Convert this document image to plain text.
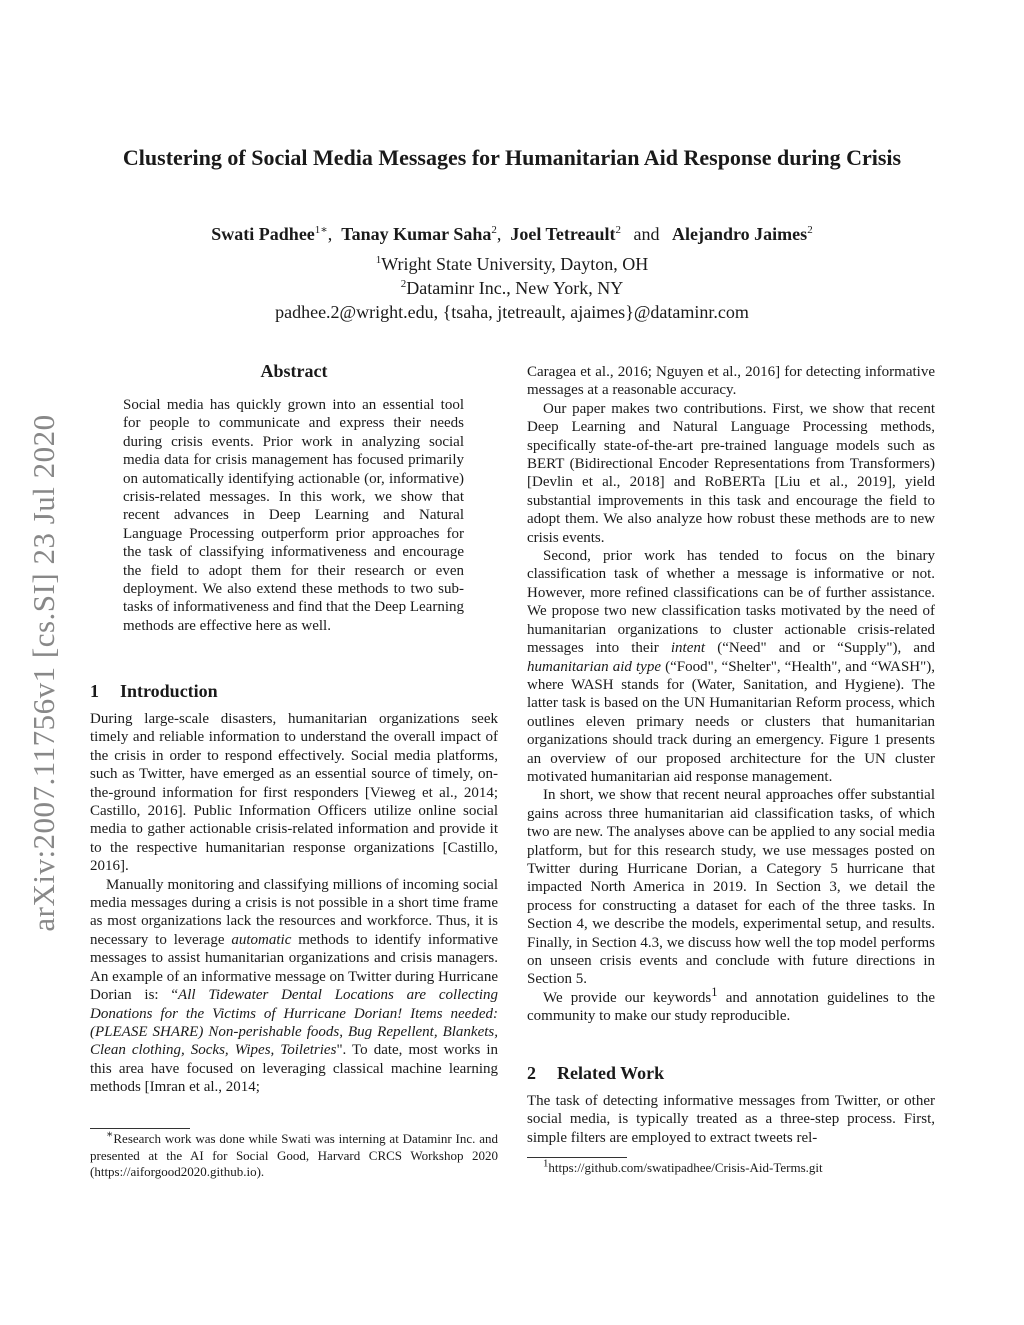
Clustering of Social Media Messages for Humanitarian Aid Response during Crisis
Swati Padhee$^{1∗}$,  Tanay Kumar Saha$^2$,  Joel Tetreault$^2$ and Alejandro Jaimes$^2$
$^1$Wright State University, Dayton, OH
$^2$Dataminr Inc., New York, NY
padhee.2@wright.edu, {tsaha, jtetreault, ajaimes}@dataminr.com
arXiv:2007.11756v1 [cs.SI] 23 Jul 2020
Abstract

Social media has quickly grown into an essential tool for people to communicate and express their needs during crisis events. Prior work in analyzing social media data for crisis management has focused primarily on automatically identifying actionable (or, informative) crisis-related messages. In this work, we show that recent advances in Deep Learning and Natural Language Processing outperform prior approaches for the task of classifying informativeness and encourage the field to adopt them for their research or even deployment. We also extend these methods to two sub-tasks of informativeness and find that the Deep Learning methods are effective here as well.

1 Introduction

During large-scale disasters, humanitarian organizations seek timely and reliable information to understand the overall impact of the crisis in order to respond effectively. Social media platforms, such as Twitter, have emerged as an essential source of timely, on-the-ground information for first responders [Vieweg et al., 2014; Castillo, 2016]. Public Information Officers utilize online social media to gather actionable crisis-related information and provide it to the respective humanitarian response organizations [Castillo, 2016].

Manually monitoring and classifying millions of incoming social media messages during a crisis is not possible in a short time frame as most organizations lack the resources and workforce. Thus, it is necessary to leverage automatic methods to identify informative messages to assist humanitarian organizations and crisis managers. An example of an informative message on Twitter during Hurricane Dorian is: “All Tidewater Dental Locations are collecting Donations for the Victims of Hurricane Dorian! Items needed: (PLEASE SHARE) Non-perishable foods, Bug Repellent, Blankets, Clean clothing, Socks, Wipes, Toiletries". To date, most works in this area have focused on leveraging classical machine learning methods [Imran et al., 2014;

∗Research work was done while Swati was interning at Dataminr Inc. and presented at the AI for Social Good, Harvard CRCS Workshop 2020 (https://aiforgood2020.github.io).

Caragea et al., 2016; Nguyen et al., 2016] for detecting informative messages at a reasonable accuracy.

Our paper makes two contributions. First, we show that recent Deep Learning and Natural Language Processing methods, specifically state-of-the-art pre-trained language models such as BERT (Bidirectional Encoder Representations from Transformers) [Devlin et al., 2018] and RoBERTa [Liu et al., 2019], yield substantial improvements in this task and encourage the field to adopt them. We also analyze how robust these methods are to new crisis events.

Second, prior work has tended to focus on the binary classification task of whether a message is informative or not. However, more refined classifications can be of further assistance. We propose two new classification tasks motivated by the need of humanitarian organizations to cluster actionable crisis-related messages into their intent (“Need" and or “Supply"), and humanitarian aid type (“Food", “Shelter", “Health", and “WASH"), where WASH stands for (Water, Sanitation, and Hygiene). The latter task is based on the UN Humanitarian Reform process, which outlines eleven primary needs or clusters that humanitarian organizations should track during an emergency. Figure 1 presents an overview of our proposed architecture for the UN cluster motivated humanitarian aid response management.

In short, we show that recent neural approaches offer substantial gains across three humanitarian aid classification tasks, of which two are new. The analyses above can be applied to any social media platform, but for this research study, we use messages posted on Twitter during Hurricane Dorian, a Category 5 hurricane that impacted North America in 2019. In Section 3, we detail the process for constructing a dataset for each of the three tasks. In Section 4, we describe the models, experimental setup, and results. Finally, in Section 4.3, we discuss how well the top model performs on unseen crisis events and conclude with future directions in Section 5.

We provide our keywords$^1$ and annotation guidelines to the community to make our study reproducible.

2 Related Work

The task of detecting informative messages from Twitter, or other social media, is typically treated as a three-step process. First, simple filters are employed to extract tweets rel-

$^1$https://github.com/swatipadhee/Crisis-Aid-Terms.git
